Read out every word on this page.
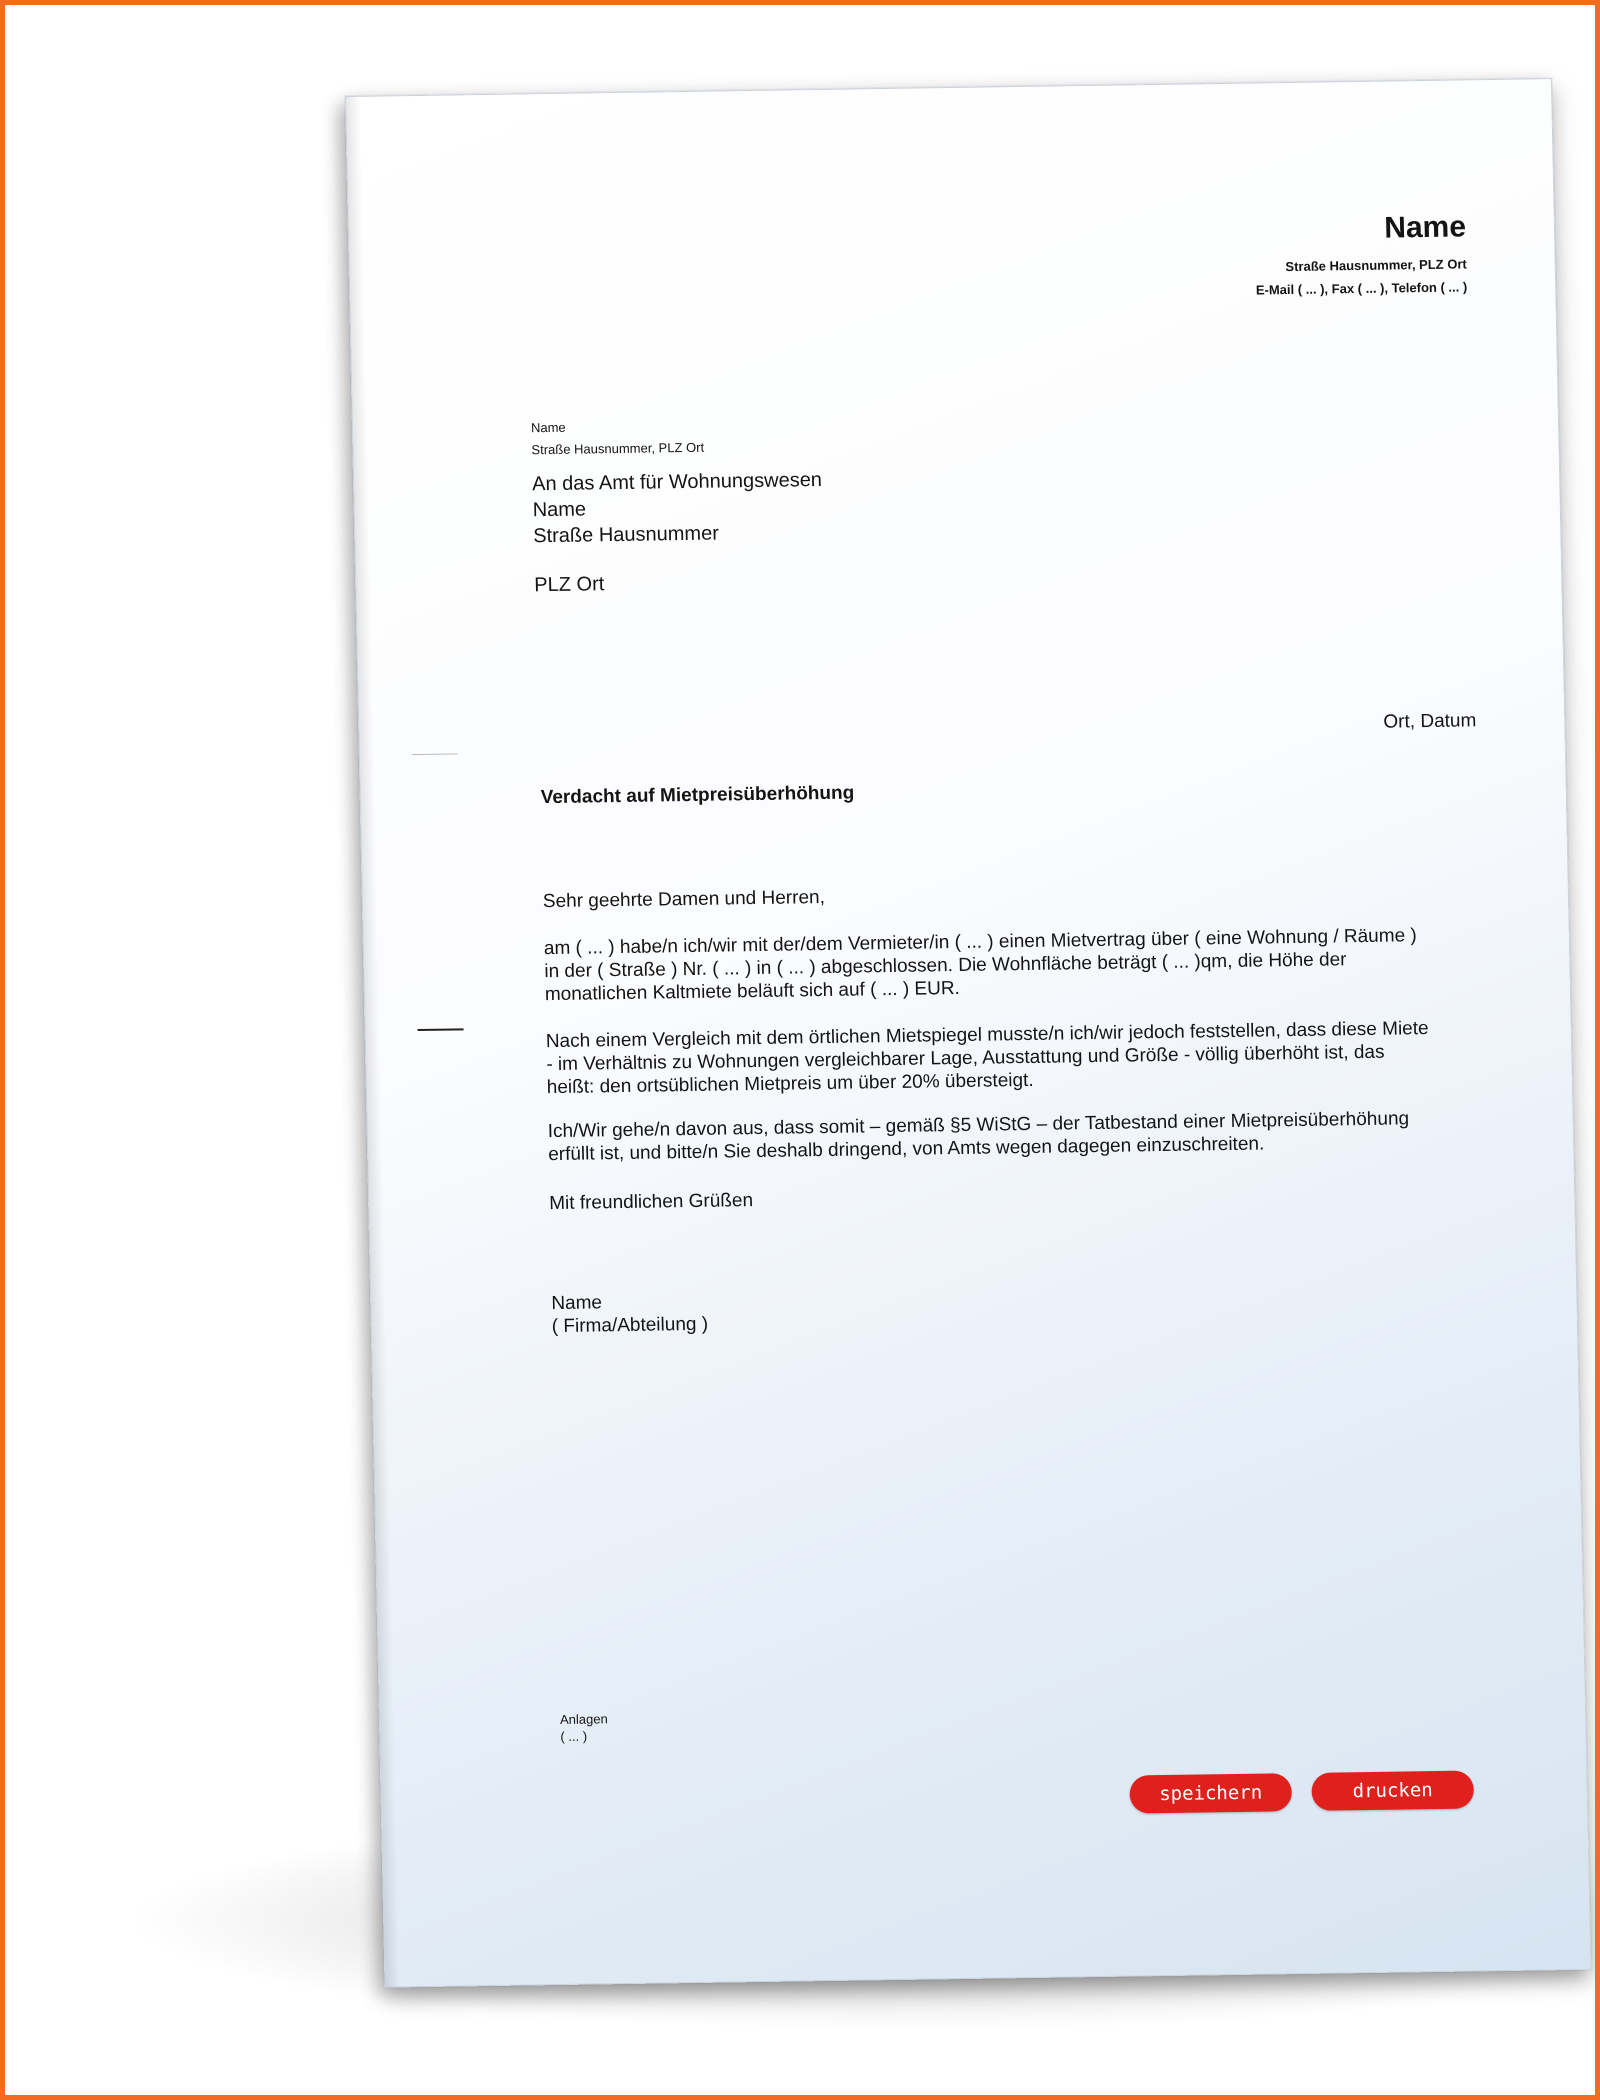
Name
Straße Hausnummer, PLZ Ort
E-Mail ( ... ), Fax ( ... ), Telefon ( ... )
Name
Straße Hausnummer, PLZ Ort
An das Amt für Wohnungswesen
Name
Straße Hausnummer
PLZ Ort
Ort, Datum
Verdacht auf Mietpreisüberhöhung
Sehr geehrte Damen und Herren,
am ( ... ) habe/n ich/wir mit der/dem Vermieter/in ( ... ) einen Mietvertrag über ( eine Wohnung / Räume ) in der ( Straße ) Nr. ( ... ) in ( ... ) abgeschlossen. Die Wohnfläche beträgt ( ... )qm, die Höhe der monatlichen Kaltmiete beläuft sich auf ( ... ) EUR.
Nach einem Vergleich mit dem örtlichen Mietspiegel musste/n ich/wir jedoch feststellen, dass diese Miete - im Verhältnis zu Wohnungen vergleichbarer Lage, Ausstattung und Größe - völlig überhöht ist, das heißt: den ortsüblichen Mietpreis um über 20% übersteigt.
Ich/Wir gehe/n davon aus, dass somit – gemäß §5 WiStG – der Tatbestand einer Mietpreisüberhöhung erfüllt ist, und bitte/n Sie deshalb dringend, von Amts wegen dagegen einzuschreiten.
Mit freundlichen Grüßen
Name
( Firma/Abteilung )
Anlagen
( ... )
speichern	drucken
